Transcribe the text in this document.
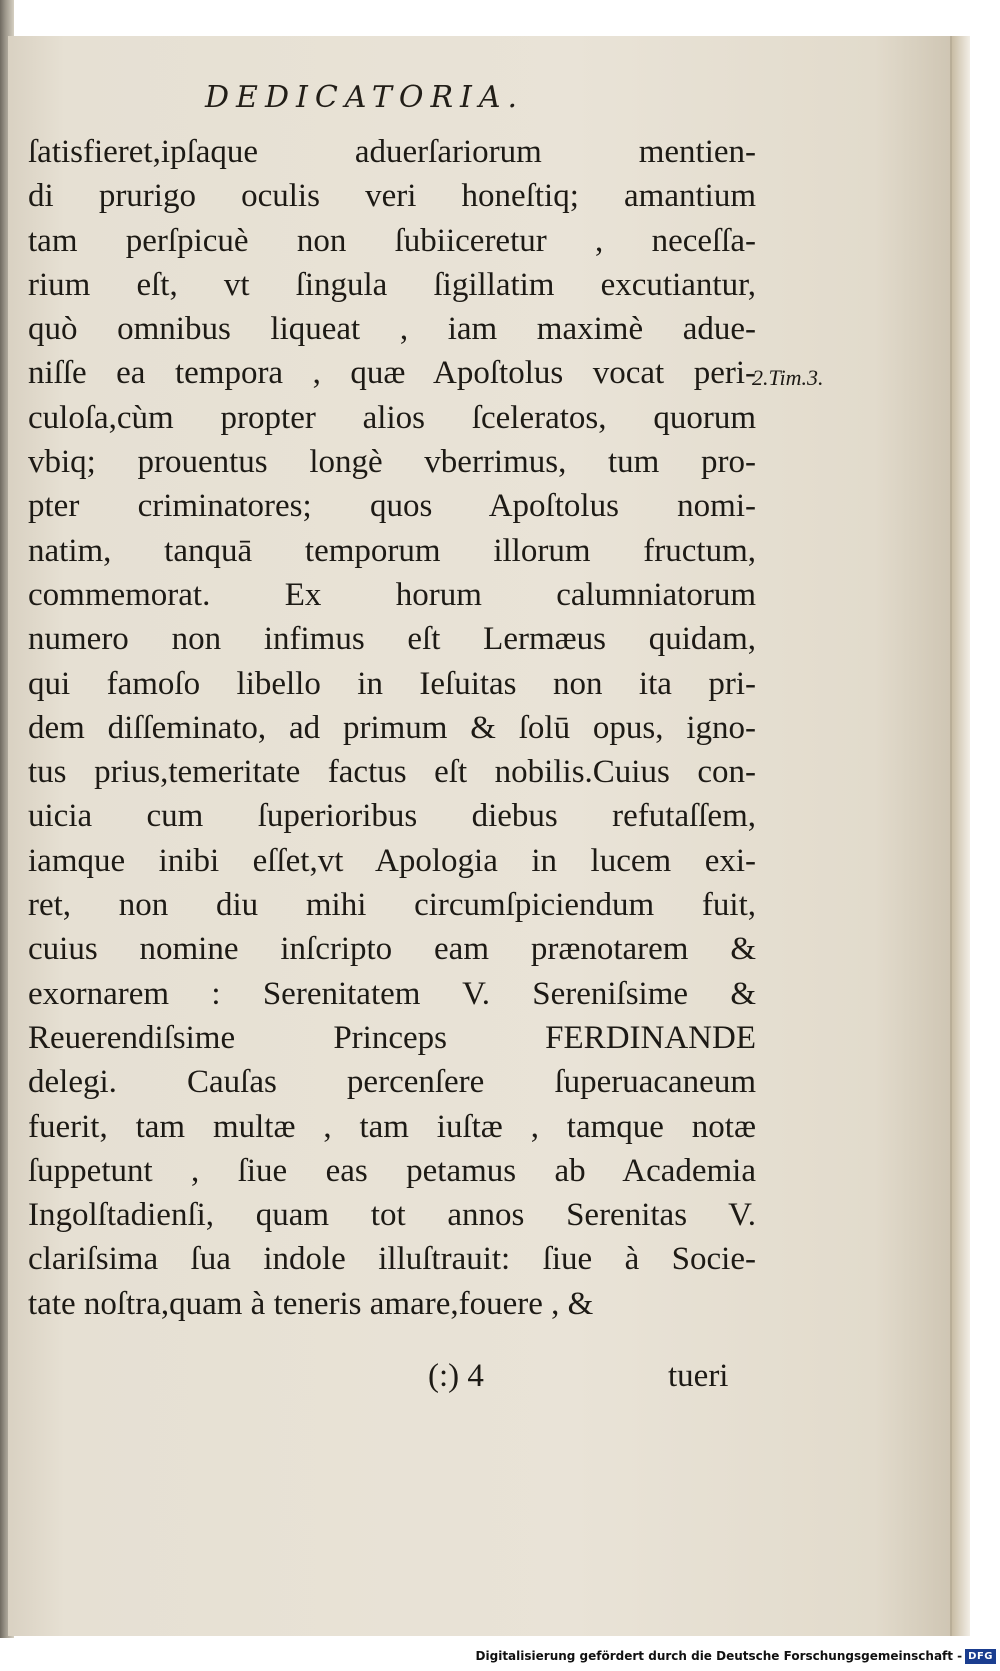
DEDICATORIA.
ſatisfieret,ipſaque aduerſariorum mentien-
di prurigo oculis veri honeſtiq; amantium
tam perſpicuè non ſubiiceretur , neceſſa-
rium eſt, vt ſingula ſigillatim excutiantur,
quò omnibus liqueat , iam maximè adue-
niſſe ea tempora , quæ Apoſtolus vocat peri-
culoſa,cùm propter alios ſceleratos, quorum
vbiq; prouentus longè vberrimus, tum pro-
pter criminatores; quos Apoſtolus nomi-
natim, tanquā temporum illorum fructum,
commemorat. Ex horum calumniatorum
numero non infimus eſt Lermæus quidam,
qui famoſo libello in Ieſuitas non ita pri-
dem diſſeminato, ad primum & ſolū opus, igno-
tus prius,temeritate factus eſt nobilis.Cuius con-
uicia cum ſuperioribus diebus refutaſſem,
iamque inibi eſſet,vt Apologia in lucem exi-
ret, non diu mihi circumſpiciendum fuit,
cuius nomine inſcripto eam prænotarem &
exornarem : Serenitatem V. Sereniſsime &
Reuerendiſsime Princeps FERDINANDE
delegi. Cauſas percenſere ſuperuacaneum
fuerit, tam multæ , tam iuſtæ , tamque notæ
ſuppetunt , ſiue eas petamus ab Academia
Ingolſtadienſi, quam tot annos Serenitas V.
clariſsima ſua indole illuſtrauit: ſiue à Socie-
tate noſtra,quam à teneris amare,fouere , &
2.Tim.3.
(:) 4	tueri
Digitalisierung gefördert durch die Deutsche Forschungsgemeinschaft - DFG
